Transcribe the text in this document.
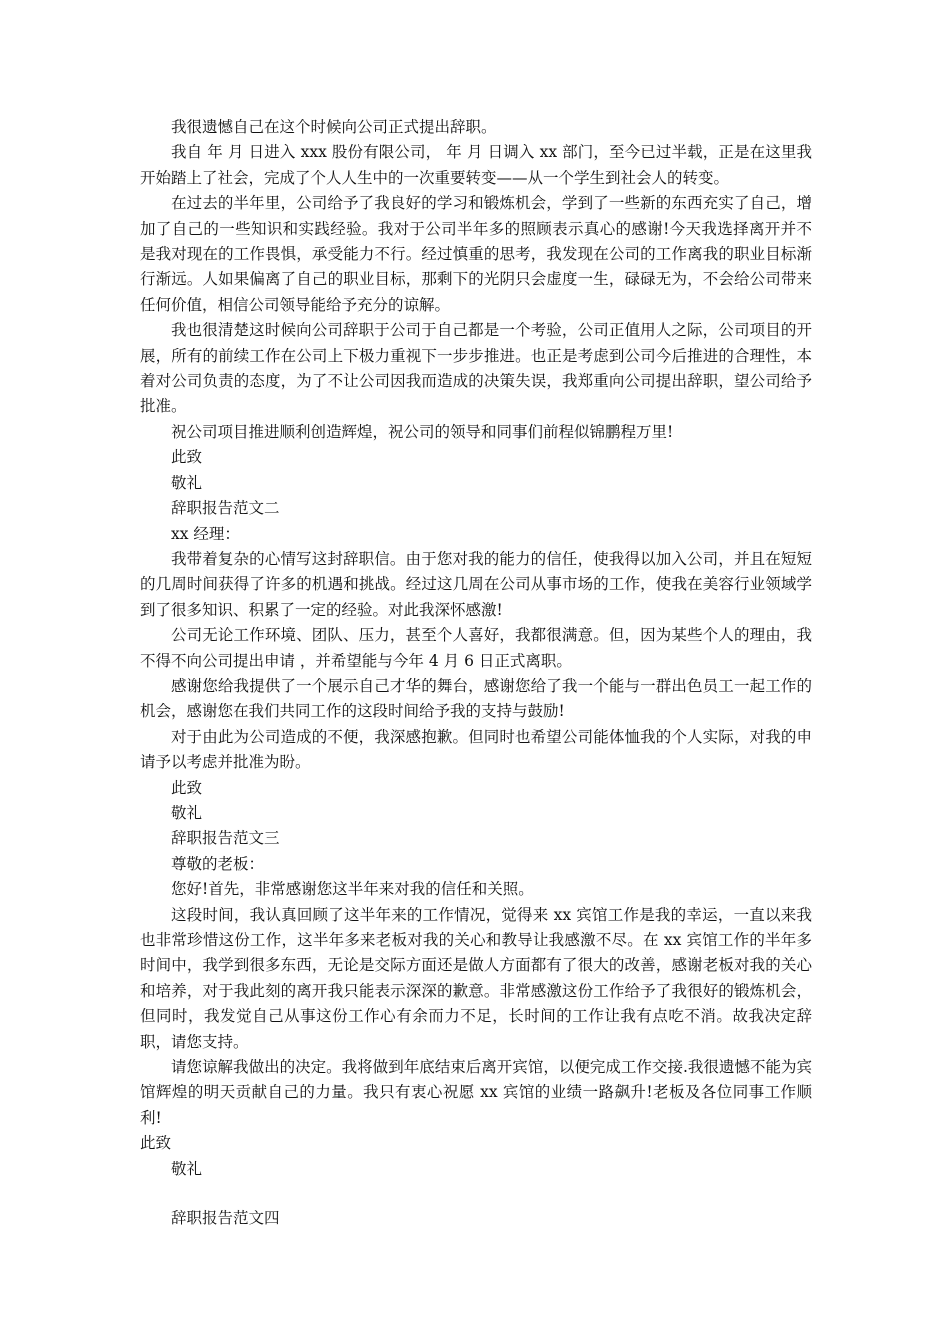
我很遗憾自己在这个时候向公司正式提出辞职。

我自 年 月 日进入 xxx 股份有限公司， 年 月 日调入 xx 部门，至今已过半载，正是在这里我开始踏上了社会，完成了个人人生中的一次重要转变——从一个学生到社会人的转变。

在过去的半年里，公司给予了我良好的学习和锻炼机会，学到了一些新的东西充实了自己，增加了自己的一些知识和实践经验。我对于公司半年多的照顾表示真心的感谢!今天我选择离开并不是我对现在的工作畏惧，承受能力不行。经过慎重的思考，我发现在公司的工作离我的职业目标渐行渐远。人如果偏离了自己的职业目标，那剩下的光阴只会虚度一生，碌碌无为，不会给公司带来任何价值，相信公司领导能给予充分的谅解。

我也很清楚这时候向公司辞职于公司于自己都是一个考验，公司正值用人之际，公司项目的开展，所有的前续工作在公司上下极力重视下一步步推进。也正是考虑到公司今后推进的合理性，本着对公司负责的态度，为了不让公司因我而造成的决策失误，我郑重向公司提出辞职，望公司给予批准。

祝公司项目推进顺利创造辉煌，祝公司的领导和同事们前程似锦鹏程万里!

此致

敬礼

辞职报告范文二

xx 经理：

我带着复杂的心情写这封辞职信。由于您对我的能力的信任，使我得以加入公司，并且在短短的几周时间获得了许多的机遇和挑战。经过这几周在公司从事市场的工作，使我在美容行业领域学到了很多知识、积累了一定的经验。对此我深怀感激!

公司无论工作环境、团队、压力，甚至个人喜好，我都很满意。但，因为某些个人的理由，我不得不向公司提出申请 ，并希望能与今年 4 月 6 日正式离职。

感谢您给我提供了一个展示自己才华的舞台，感谢您给了我一个能与一群出色员工一起工作的机会，感谢您在我们共同工作的这段时间给予我的支持与鼓励!

对于由此为公司造成的不便，我深感抱歉。但同时也希望公司能体恤我的个人实际，对我的申请予以考虑并批准为盼。

此致

敬礼

辞职报告范文三

尊敬的老板：

您好!首先，非常感谢您这半年来对我的信任和关照。

这段时间，我认真回顾了这半年来的工作情况，觉得来 xx 宾馆工作是我的幸运，一直以来我也非常珍惜这份工作，这半年多来老板对我的关心和教导让我感激不尽。在 xx 宾馆工作的半年多时间中，我学到很多东西，无论是交际方面还是做人方面都有了很大的改善，感谢老板对我的关心和培养，对于我此刻的离开我只能表示深深的歉意。非常感激这份工作给予了我很好的锻炼机会，但同时，我发觉自己从事这份工作心有余而力不足，长时间的工作让我有点吃不消。故我决定辞职，请您支持。

请您谅解我做出的决定。我将做到年底结束后离开宾馆，以便完成工作交接.我很遗憾不能为宾馆辉煌的明天贡献自己的力量。我只有衷心祝愿 xx 宾馆的业绩一路飙升!老板及各位同事工作顺利!

此致

敬礼

辞职报告范文四
